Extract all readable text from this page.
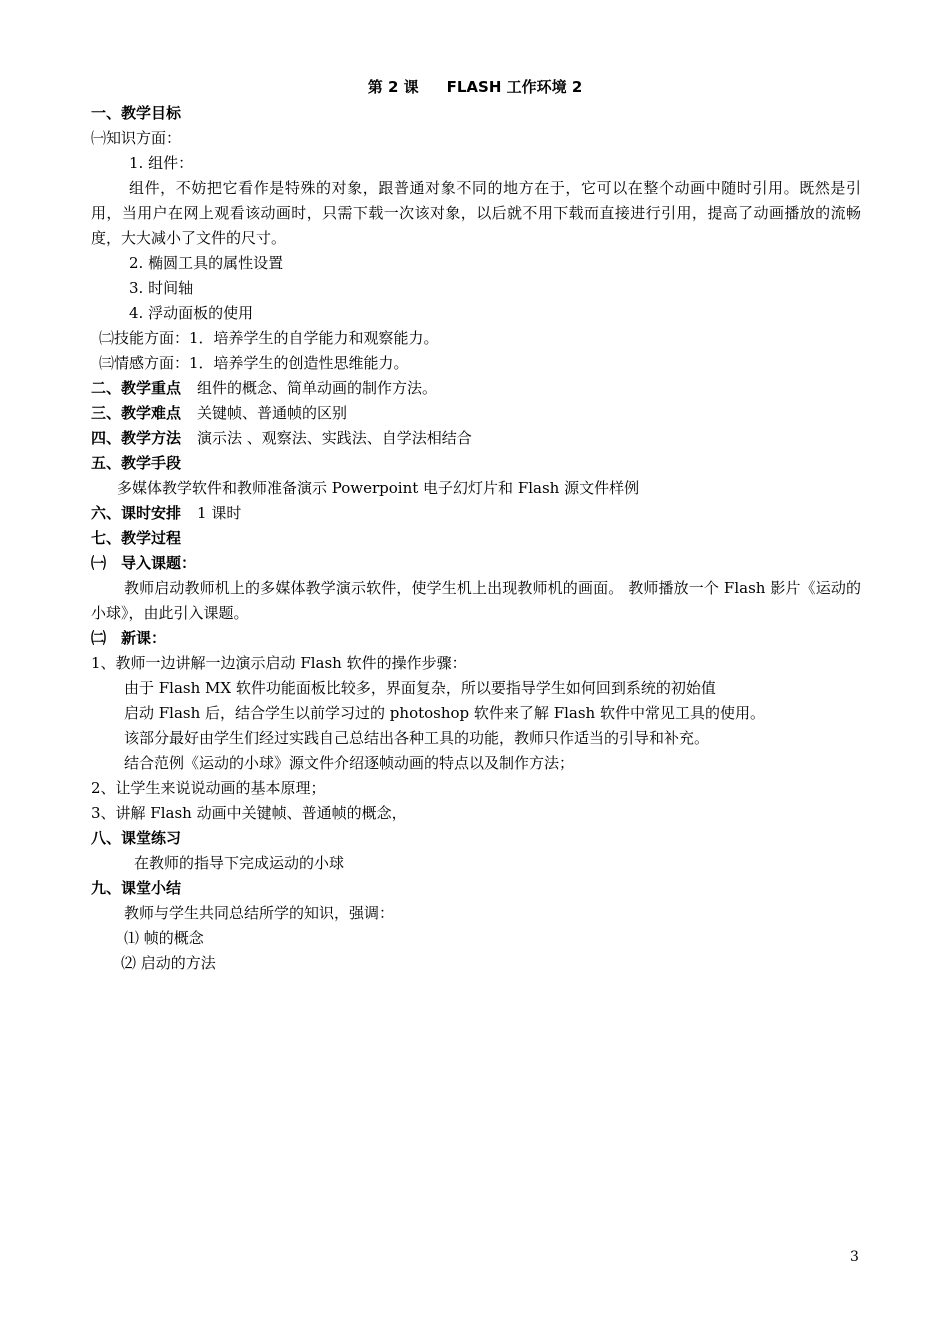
第 2 课 FLASH 工作环境 2
一、教学目标
㈠知识方面：
1. 组件：

组件，不妨把它看作是特殊的对象，跟普通对象不同的地方在于，它可以在整个动画中随时引用。既然是引用，当用户在网上观看该动画时，只需下载一次该对象，以后就不用下载而直接进行引用，提高了动画播放的流畅度，大大减小了文件的尺寸。

2. 椭圆工具的属性设置
3. 时间轴
4. 浮动面板的使用
㈡技能方面：1．培养学生的自学能力和观察能力。
㈢情感方面：1．培养学生的创造性思维能力。
二、教学重点 组件的概念、简单动画的制作方法。
三、教学难点 关键帧、普通帧的区别
四、教学方法 演示法 、观察法、实践法、自学法相结合
五、教学手段
多媒体教学软件和教师准备演示 Powerpoint 电子幻灯片和 Flash 源文件样例
六、课时安排 1 课时
七、教学过程
㈠　导入课题：

教师启动教师机上的多媒体教学演示软件，使学生机上出现教师机的画面。 教师播放一个 Flash 影片《运动的小球》，由此引入课题。

㈡　新课：
1、教师一边讲解一边演示启动 Flash 软件的操作步骤：
由于 Flash MX 软件功能面板比较多，界面复杂，所以要指导学生如何回到系统的初始值
启动 Flash 后，结合学生以前学习过的 photoshop 软件来了解 Flash 软件中常见工具的使用。
该部分最好由学生们经过实践自己总结出各种工具的功能，教师只作适当的引导和补充。
结合范例《运动的小球》源文件介绍逐帧动画的特点以及制作方法；
2、让学生来说说动画的基本原理；
3、讲解 Flash 动画中关键帧、普通帧的概念，
八、课堂练习
在教师的指导下完成运动的小球
九、课堂小结
教师与学生共同总结所学的知识，强调：
⑴ 帧的概念
⑵ 启动的方法
3
